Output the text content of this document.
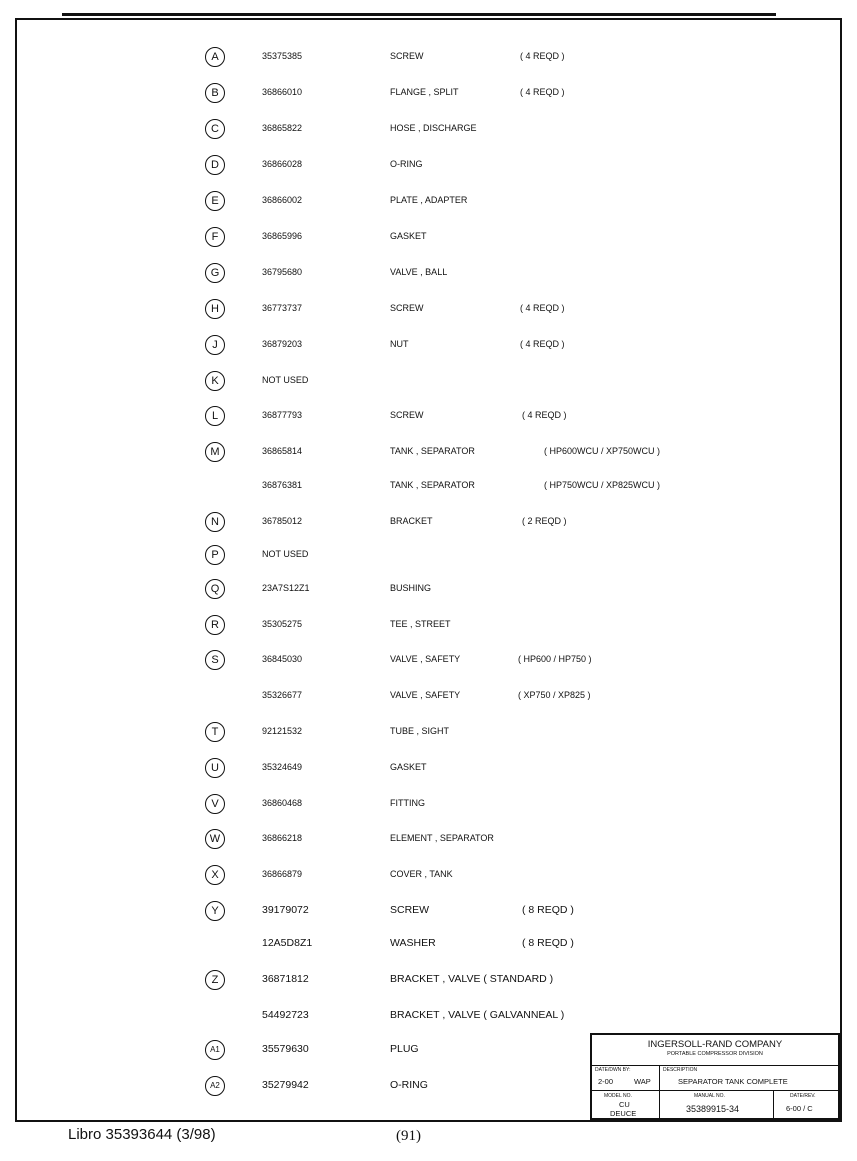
A	35375385	SCREW	( 4 REQD )
B	36866010	FLANGE , SPLIT	( 4 REQD )
C	36865822	HOSE , DISCHARGE
D	36866028	O-RING
E	36866002	PLATE , ADAPTER
F	36865996	GASKET
G	36795680	VALVE , BALL
H	36773737	SCREW	( 4 REQD )
J	36879203	NUT	( 4 REQD )
K	NOT USED
L	36877793	SCREW	( 4 REQD )
M	36865814	TANK , SEPARATOR	( HP600WCU / XP750WCU )
36876381	TANK , SEPARATOR	( HP750WCU / XP825WCU )
N	36785012	BRACKET	( 2 REQD )
P	NOT USED
Q	23A7S12Z1	BUSHING
R	35305275	TEE , STREET
S	36845030	VALVE , SAFETY	( HP600 / HP750 )
35326677	VALVE , SAFETY	( XP750 / XP825 )
T	92121532	TUBE , SIGHT
U	35324649	GASKET
V	36860468	FITTING
W	36866218	ELEMENT , SEPARATOR
X	36866879	COVER , TANK
Y	39179072	SCREW	( 8 REQD )
12A5D8Z1	WASHER	( 8 REQD )
Z	36871812	BRACKET , VALVE ( STANDARD )
54492723	BRACKET , VALVE ( GALVANNEAL )
A1	35579630	PLUG
A2	35279942	O-RING
INGERSOLL-RAND COMPANY
PORTABLE COMPRESSOR DIVISION
DATE/DWN BY:
2-00	WAP
DESCRIPTION
SEPARATOR TANK COMPLETE
MODEL NO.
CU
DEUCE
MANUAL NO.
35389915-34
DATE/REV.
6-00 / C
Libro 35393644 (3/98)	(91)
